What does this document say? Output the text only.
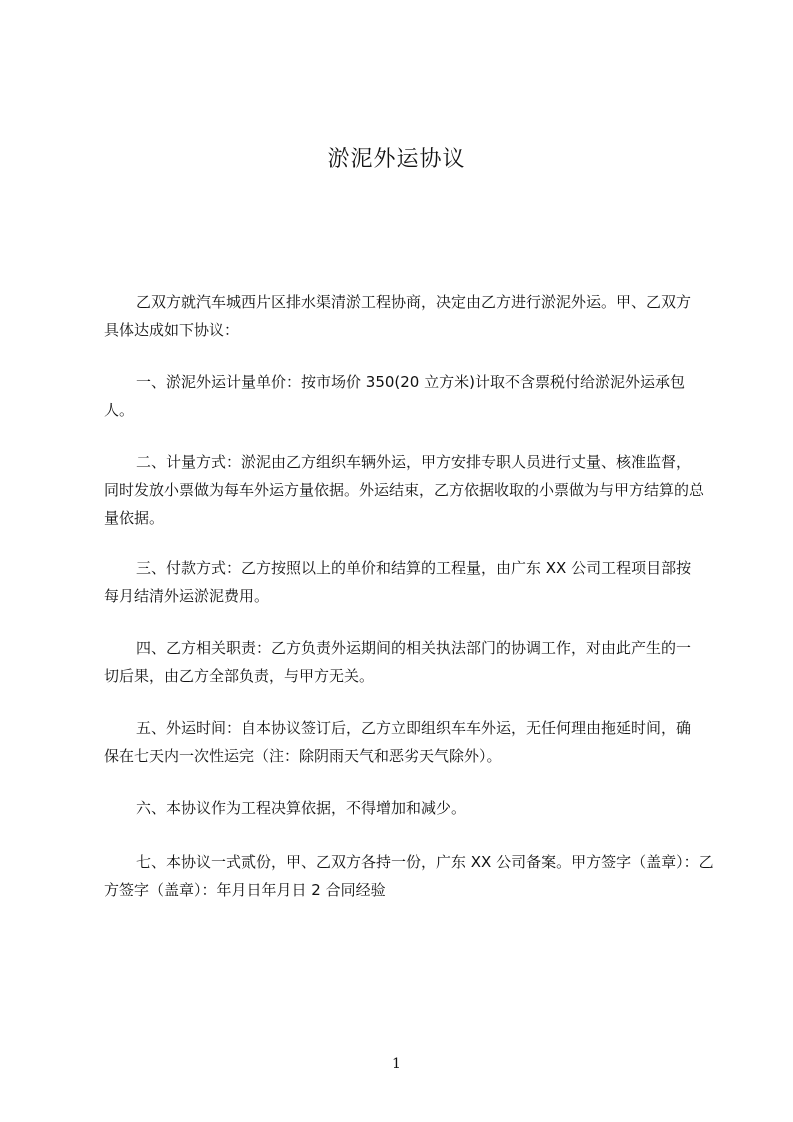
淤泥外运协议

乙双方就汽车城西片区排水渠清淤工程协商，决定由乙方进行淤泥外运。甲、乙双方具体达成如下协议：

一、淤泥外运计量单价：按市场价 350(20 立方米)计取不含票税付给淤泥外运承包人。

二、计量方式：淤泥由乙方组织车辆外运，甲方安排专职人员进行丈量、核准监督，同时发放小票做为每车外运方量依据。外运结束，乙方依据收取的小票做为与甲方结算的总量依据。

三、付款方式：乙方按照以上的单价和结算的工程量，由广东 XX 公司工程项目部按每月结清外运淤泥费用。

四、乙方相关职责：乙方负责外运期间的相关执法部门的协调工作，对由此产生的一切后果，由乙方全部负责，与甲方无关。

五、外运时间：自本协议签订后，乙方立即组织车车外运，无任何理由拖延时间，确保在七天内一次性运完（注：除阴雨天气和恶劣天气除外）。

六、本协议作为工程决算依据，不得增加和减少。

七、本协议一式贰份，甲、乙双方各持一份，广东 XX 公司备案。甲方签字（盖章）：乙方签字（盖章）：年月日年月日 2 合同经验

1
